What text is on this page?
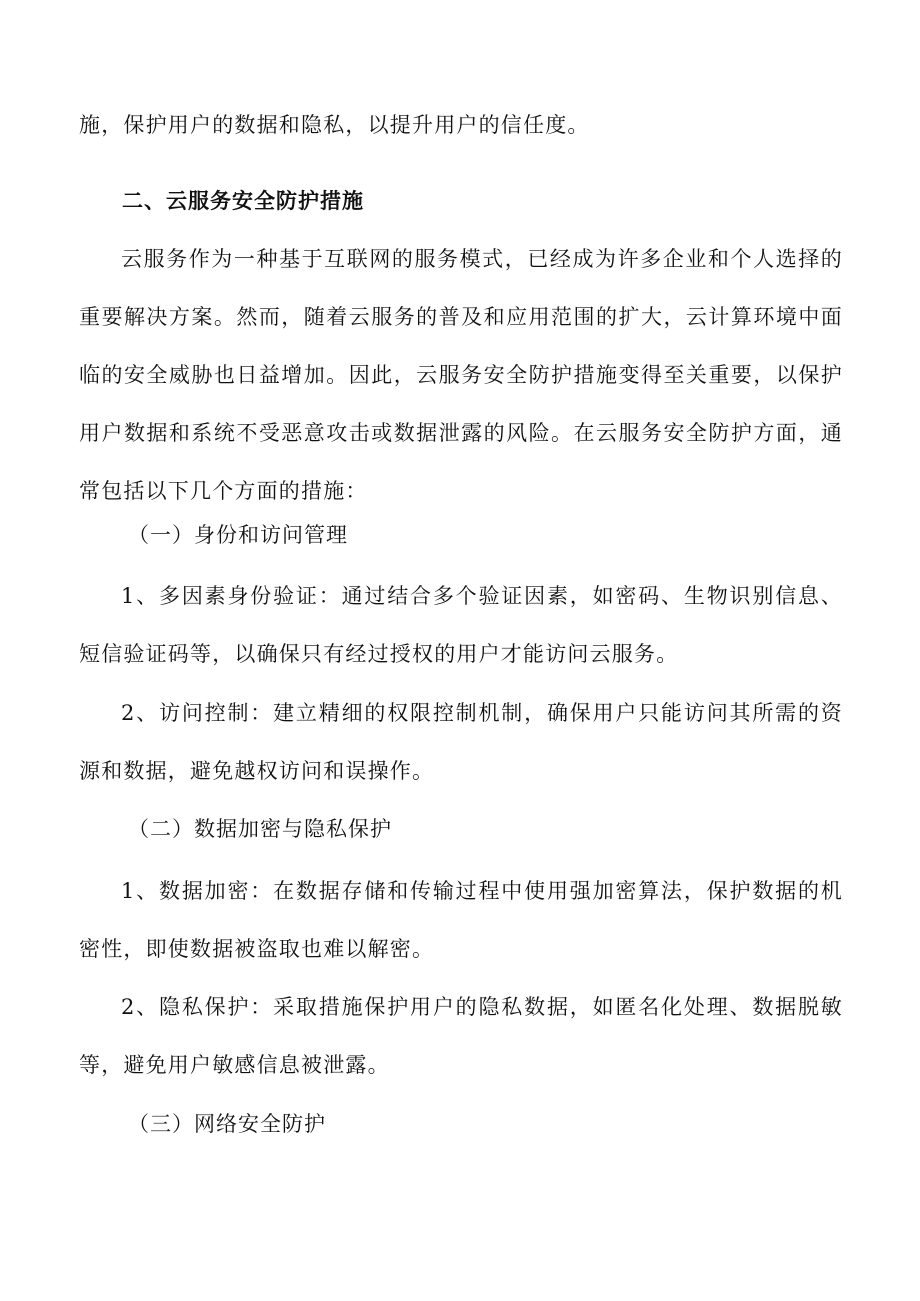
施，保护用户的数据和隐私，以提升用户的信任度。

二、云服务安全防护措施

云服务作为一种基于互联网的服务模式，已经成为许多企业和个人选择的重要解决方案。然而，随着云服务的普及和应用范围的扩大，云计算环境中面临的安全威胁也日益增加。因此，云服务安全防护措施变得至关重要，以保护用户数据和系统不受恶意攻击或数据泄露的风险。在云服务安全防护方面，通常包括以下几个方面的措施：

（一）身份和访问管理

1、多因素身份验证：通过结合多个验证因素，如密码、生物识别信息、短信验证码等，以确保只有经过授权的用户才能访问云服务。

2、访问控制：建立精细的权限控制机制，确保用户只能访问其所需的资源和数据，避免越权访问和误操作。

（二）数据加密与隐私保护

1、数据加密：在数据存储和传输过程中使用强加密算法，保护数据的机密性，即使数据被盗取也难以解密。

2、隐私保护：采取措施保护用户的隐私数据，如匿名化处理、数据脱敏等，避免用户敏感信息被泄露。

（三）网络安全防护
